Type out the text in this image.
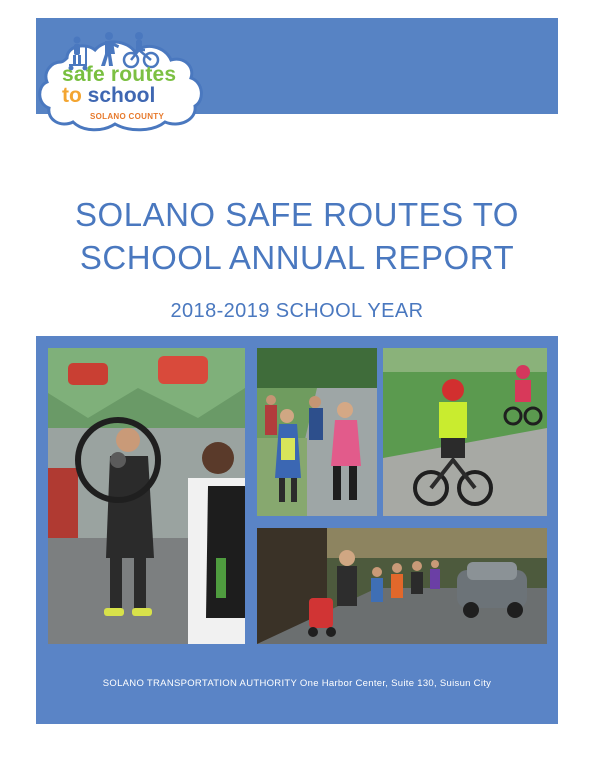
safe routes
to school
SOLANO COUNTY
SOLANO SAFE ROUTES TO
SCHOOL ANNUAL REPORT
2018-2019 SCHOOL YEAR
SOLANO TRANSPORTATION AUTHORITY One Harbor Center, Suite 130, Suisun City
